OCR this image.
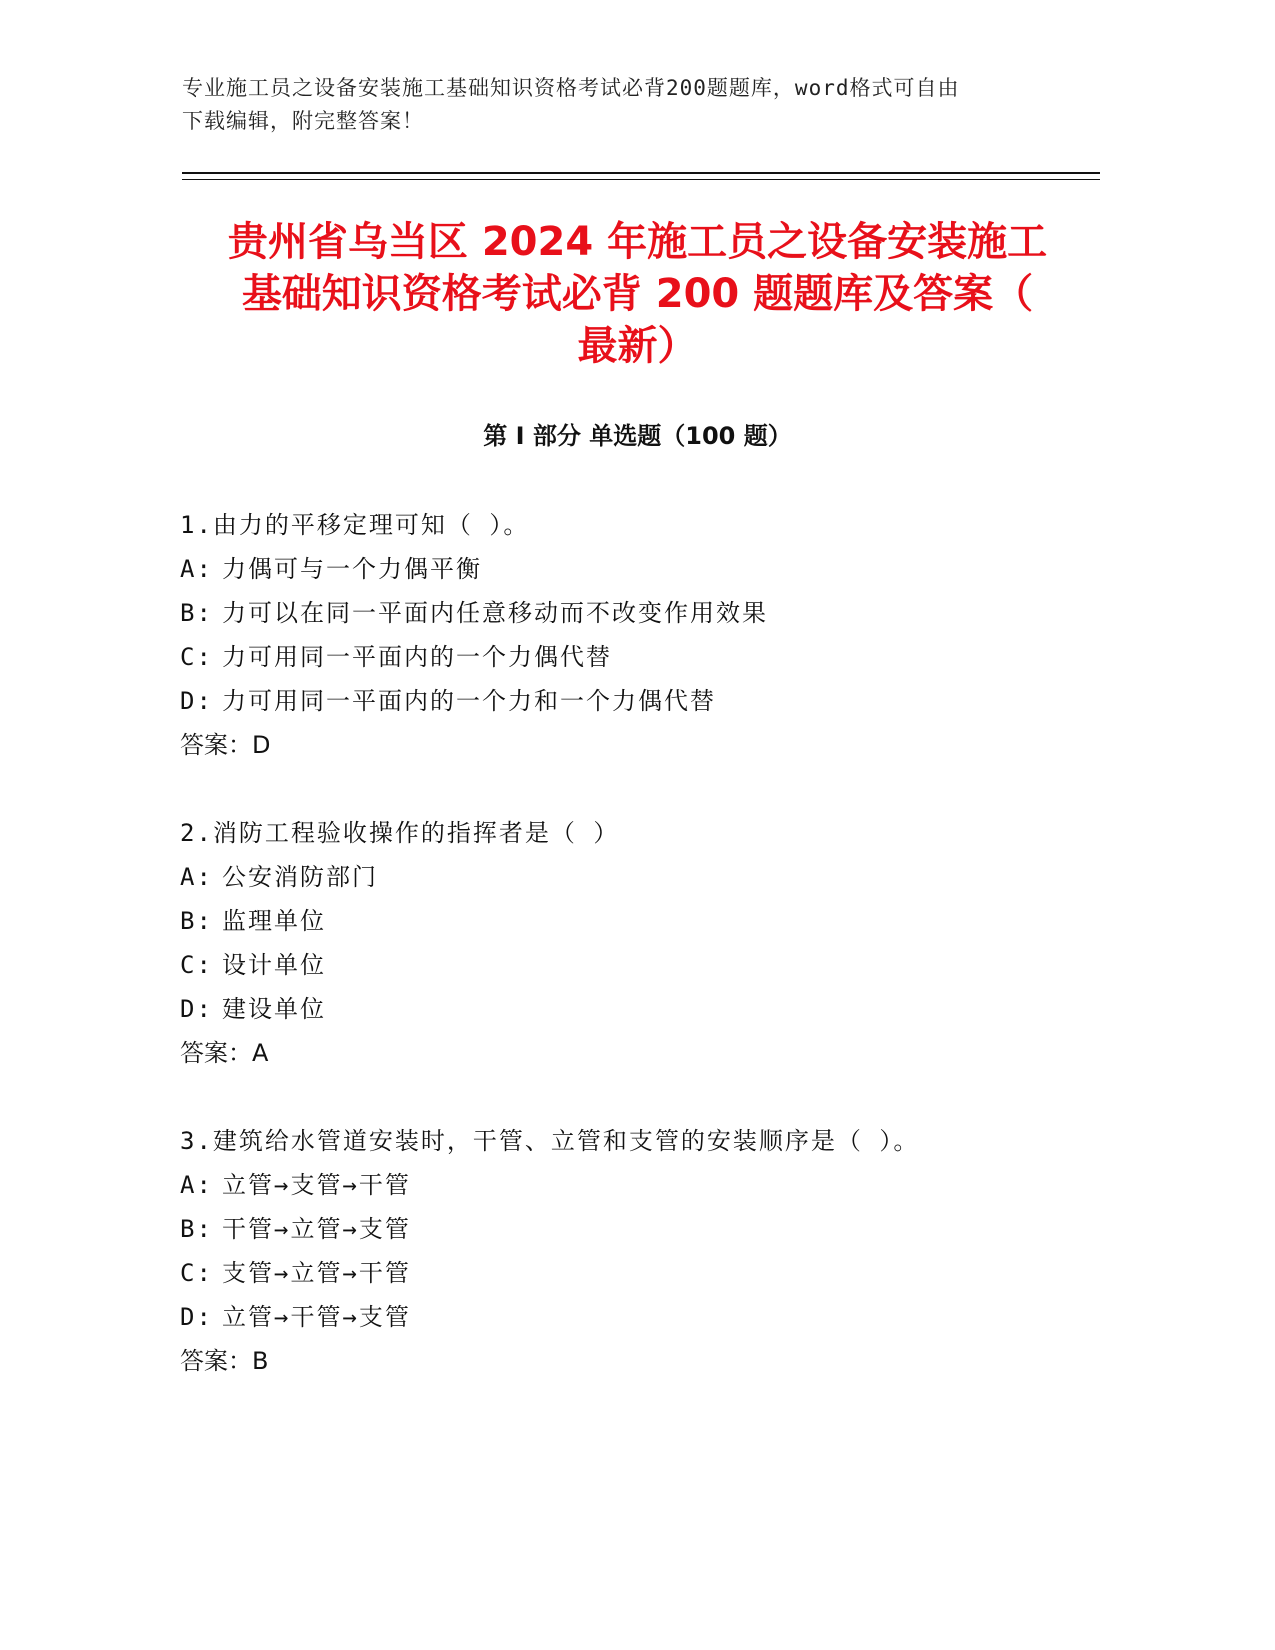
专业施工员之设备安装施工基础知识资格考试必背200题题库，word格式可自由
下载编辑，附完整答案！
贵州省乌当区 2024 年施工员之设备安装施工
基础知识资格考试必背 200 题题库及答案（
最新）
第 I 部分 单选题（100 题）
1.由力的平移定理可知（ ）。
A: 力偶可与一个力偶平衡
B: 力可以在同一平面内任意移动而不改变作用效果
C: 力可用同一平面内的一个力偶代替
D: 力可用同一平面内的一个力和一个力偶代替
答案：D
2.消防工程验收操作的指挥者是（ ）
A: 公安消防部门
B: 监理单位
C: 设计单位
D: 建设单位
答案：A
3.建筑给水管道安装时，干管、立管和支管的安装顺序是（ ）。
A: 立管→支管→干管
B: 干管→立管→支管
C: 支管→立管→干管
D: 立管→干管→支管
答案：B
